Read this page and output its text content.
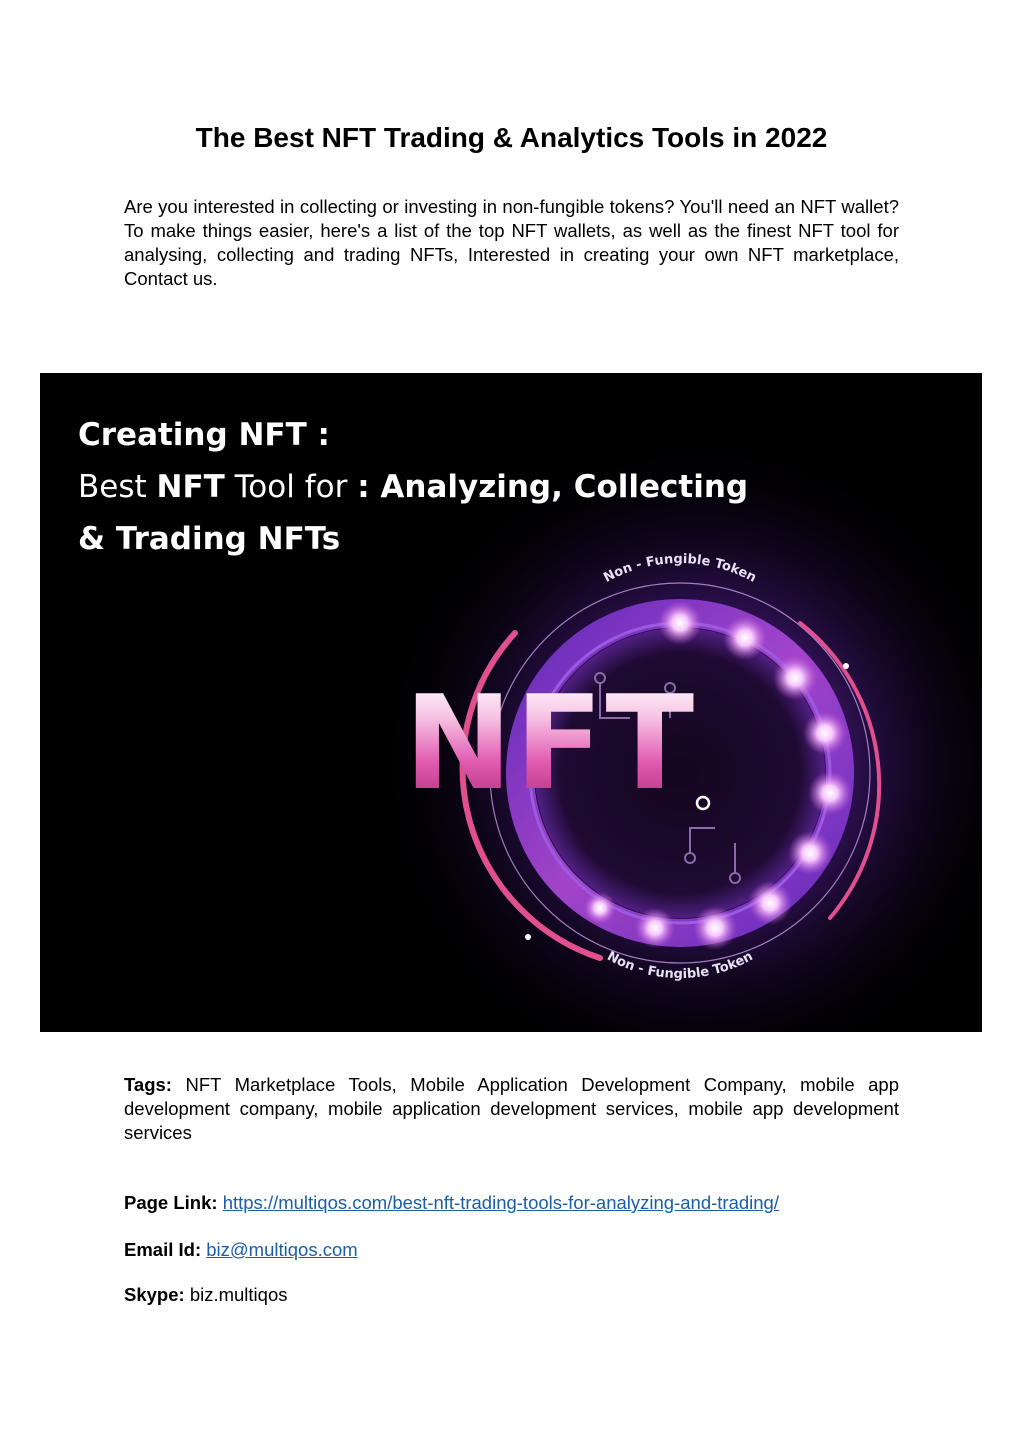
The Best NFT Trading & Analytics Tools in 2022

Are you interested in collecting or investing in non-fungible tokens? You'll need an NFT wallet? To make things easier, here's a list of the top NFT wallets, as well as the finest NFT tool for analysing, collecting and trading NFTs, Interested in creating your own NFT marketplace, Contact us.

Non - Fungible Token
Non - Fungible Token
NFT
Creating NFT :
Best NFT Tool for : Analyzing, Collecting
& Trading NFTs

Tags: NFT Marketplace Tools, Mobile Application Development Company, mobile app development company, mobile application development services, mobile app development services

Page Link: https://multiqos.com/best-nft-trading-tools-for-analyzing-and-trading/

Email Id: biz@multiqos.com

Skype: biz.multiqos
